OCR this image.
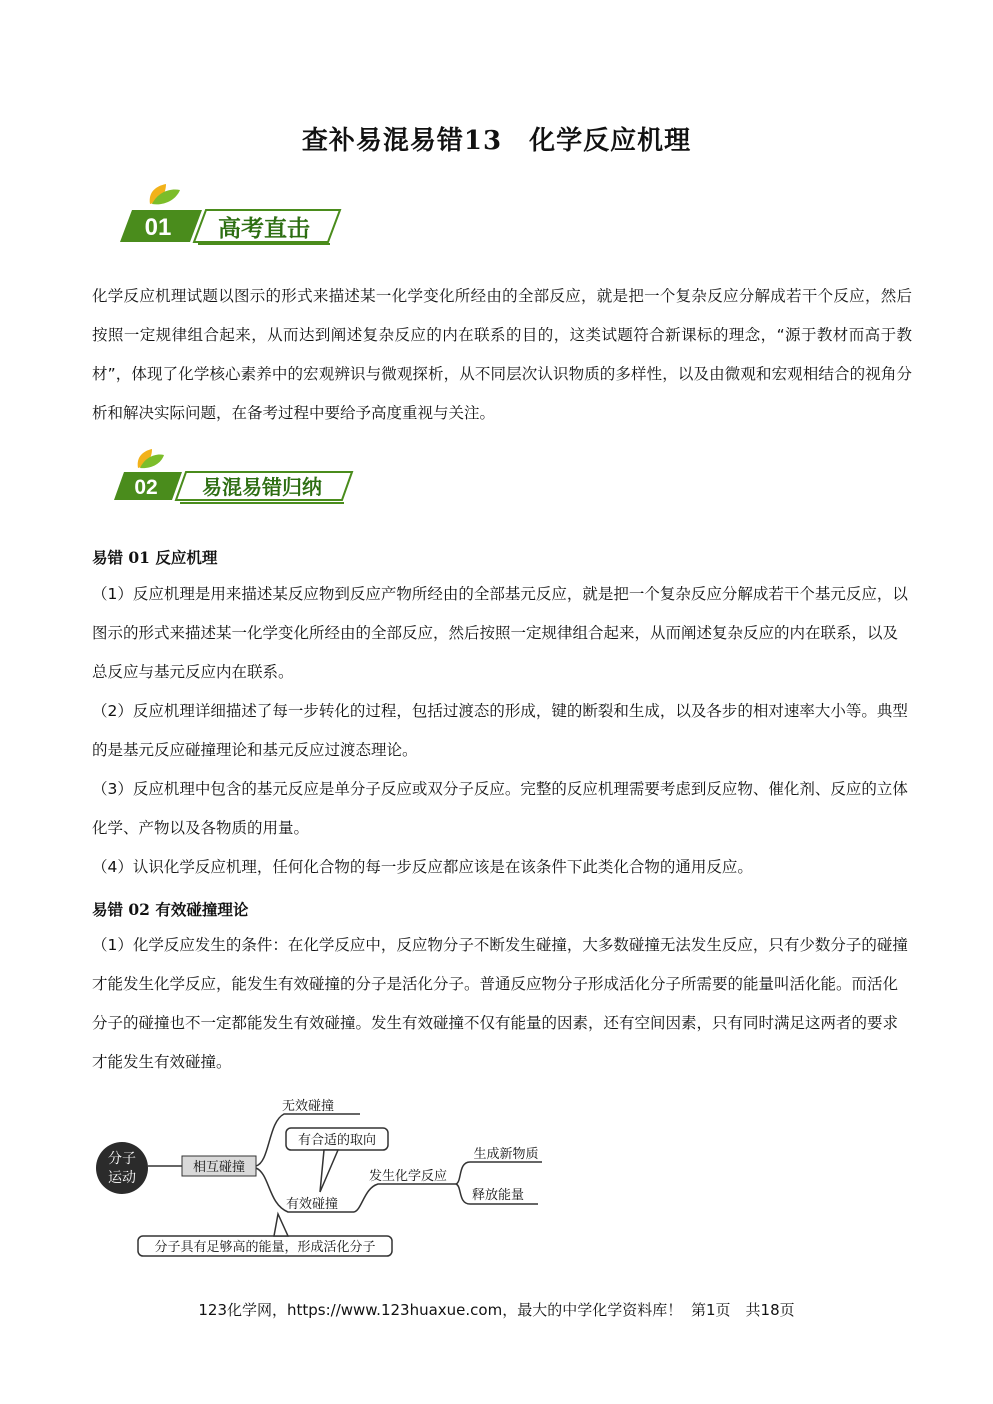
查补易混易错13　化学反应机理
01 高考直击

化学反应机理试题以图示的形式来描述某一化学变化所经由的全部反应，就是把一个复杂反应分解成若干个反应，然后按照一定规律组合起来，从而达到阐述复杂反应的内在联系的目的，这类试题符合新课标的理念，“源于教材而高于教材”，体现了化学核心素养中的宏观辨识与微观探析，从不同层次认识物质的多样性，以及由微观和宏观相结合的视角分析和解决实际问题，在备考过程中要给予高度重视与关注。

02 易混易错归纳
易错 01 反应机理

（1）反应机理是用来描述某反应物到反应产物所经由的全部基元反应，就是把一个复杂反应分解成若干个基元反应，以图示的形式来描述某一化学变化所经由的全部反应，然后按照一定规律组合起来，从而阐述复杂反应的内在联系，以及总反应与基元反应内在联系。

（2）反应机理详细描述了每一步转化的过程，包括过渡态的形成，键的断裂和生成，以及各步的相对速率大小等。典型的是基元反应碰撞理论和基元反应过渡态理论。

（3）反应机理中包含的基元反应是单分子反应或双分子反应。完整的反应机理需要考虑到反应物、催化剂、反应的立体化学、产物以及各物质的用量。

（4）认识化学反应机理，任何化合物的每一步反应都应该是在该条件下此类化合物的通用反应。

易错 02 有效碰撞理论

（1）化学反应发生的条件：在化学反应中，反应物分子不断发生碰撞，大多数碰撞无法发生反应，只有少数分子的碰撞才能发生化学反应，能发生有效碰撞的分子是活化分子。普通反应物分子形成活化分子所需要的能量叫活化能。而活化分子的碰撞也不一定都能发生有效碰撞。发生有效碰撞不仅有能量的因素，还有空间因素，只有同时满足这两者的要求才能发生有效碰撞。

分子
运动
相互碰撞
无效碰撞
有效碰撞
有合适的取向
发生化学反应
生成新物质
释放能量
分子具有足够高的能量，形成活化分子
123化学网，https://www.123huaxue.com，最大的中学化学资料库！ 第1页　共18页
